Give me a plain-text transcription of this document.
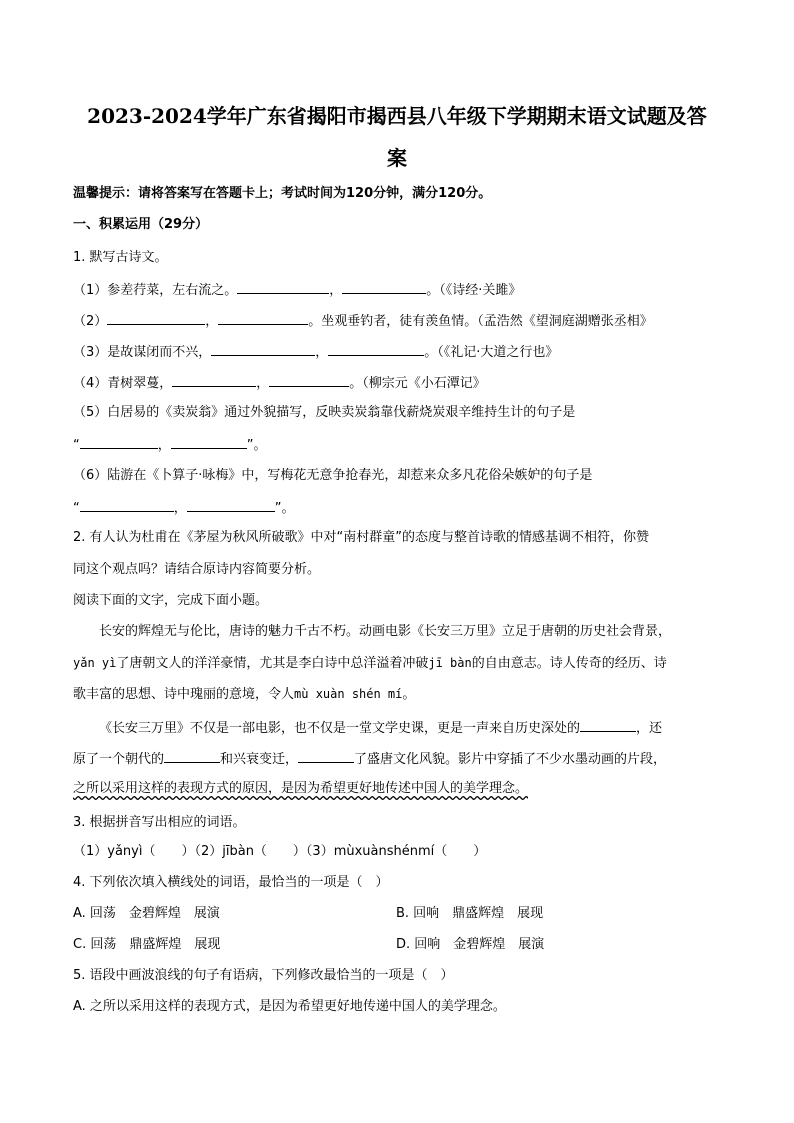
2023-2024学年广东省揭阳市揭西县八年级下学期期末语文试题及答
案
温馨提示：请将答案写在答题卡上；考试时间为120分钟，满分120分。
一、积累运用（29分）
1. 默写古诗文。
（1）参差荇菜，左右流之。	，	。（《诗经·关雎》
（2）	，	。坐观垂钓者，徒有羡鱼情。（孟浩然《望洞庭湖赠张丞相》
（3）是故谋闭而不兴，	，	。（《礼记·大道之行也》
（4）青树翠蔓，	，	。（柳宗元《小石潭记》
（5）白居易的《卖炭翁》通过外貌描写，反映卖炭翁靠伐薪烧炭艰辛维持生计的句子是
“	，	”。
（6）陆游在《卜算子·咏梅》中，写梅花无意争抢春光，却惹来众多凡花俗朵嫉妒的句子是
“	，	”。
2. 有人认为杜甫在《茅屋为秋风所破歌》中对“南村群童”的态度与整首诗歌的情感基调不相符，你赞
同这个观点吗？请结合原诗内容简要分析。
阅读下面的文字，完成下面小题。
长安的辉煌无与伦比，唐诗的魅力千古不朽。动画电影《长安三万里》立足于唐朝的历史社会背景，
yǎn yì了唐朝文人的洋洋豪情，尤其是李白诗中总洋溢着冲破jī bàn的自由意志。诗人传奇的经历、诗
歌丰富的思想、诗中瑰丽的意境，令人mù xuàn shén mí。
《长安三万里》不仅是一部电影，也不仅是一堂文学史课，更是一声来自历史深处的	，还
原了一个朝代的	和兴衰变迁，	了盛唐文化风貌。影片中穿插了不少水墨动画的片段，
之所以采用这样的表现方式的原因，是因为希望更好地传述中国人的美学理念。
3. 根据拼音写出相应的词语。
（1）yǎnyì（　　）（2）jībàn（　　）（3）mùxuànshénmí（　　）
4. 下列依次填入横线处的词语，最恰当的一项是（　）
A. 回荡　金碧辉煌　展演	B. 回响　鼎盛辉煌　展现
C. 回荡　鼎盛辉煌　展现	D. 回响　金碧辉煌　展演
5. 语段中画波浪线的句子有语病，下列修改最恰当的一项是（　）
A. 之所以采用这样的表现方式，是因为希望更好地传递中国人的美学理念。
